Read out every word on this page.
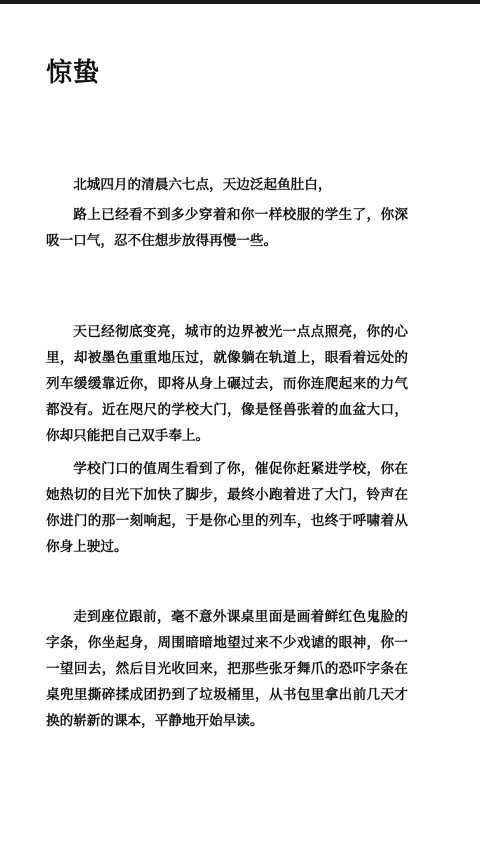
惊蛰

北城四月的清晨六七点，天边泛起鱼肚白，

路上已经看不到多少穿着和你一样校服的学生了，你深吸一口气，忍不住想步放得再慢一些。

天已经彻底变亮，城市的边界被光一点点照亮，你的心里，却被墨色重重地压过，就像躺在轨道上，眼看着远处的列车缓缓靠近你，即将从身上碾过去，而你连爬起来的力气都没有。近在咫尺的学校大门，像是怪兽张着的血盆大口，你却只能把自己双手奉上。

学校门口的值周生看到了你，催促你赶紧进学校，你在她热切的目光下加快了脚步，最终小跑着进了大门，铃声在你进门的那一刻响起，于是你心里的列车，也终于呼啸着从你身上驶过。

走到座位跟前，毫不意外课桌里面是画着鲜红色鬼脸的字条，你坐起身，周围暗暗地望过来不少戏谑的眼神，你一一望回去，然后目光收回来，把那些张牙舞爪的恐吓字条在桌兜里撕碎揉成团扔到了垃圾桶里，从书包里拿出前几天才换的崭新的课本，平静地开始早读。
